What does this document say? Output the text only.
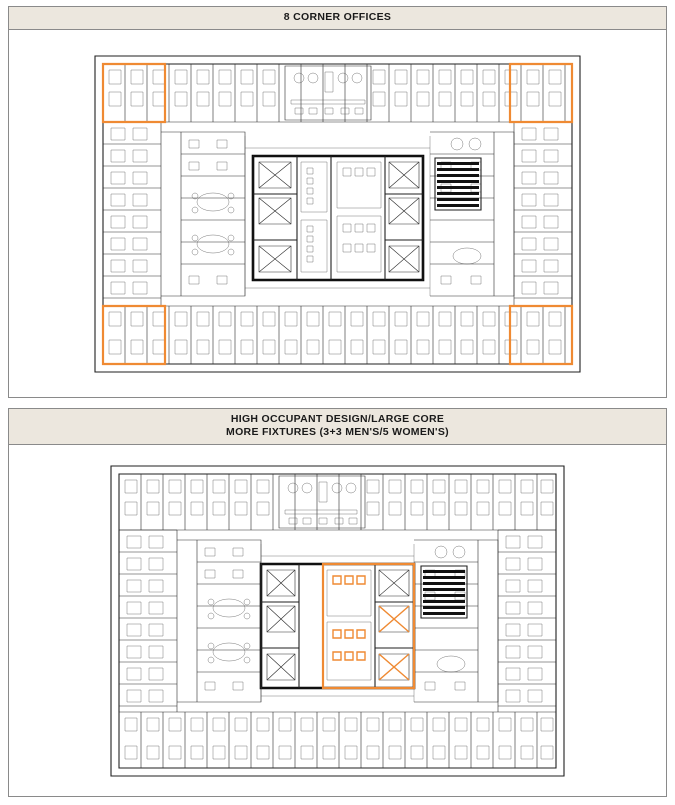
8 CORNER OFFICES
HIGH OCCUPANT DESIGN/LARGE CORE
MORE FIXTURES (3+3 MEN'S/5 WOMEN'S)
